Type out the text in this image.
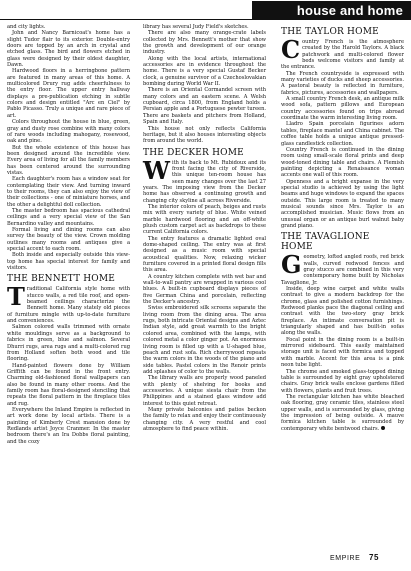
house and home

and city lights.

John and Nancy Barnicoat's home has a slight Tudor flair to its exterior. Double-entry doors are topped by an arch in crystal and etched glass. The bird and flowers etched in glass were designed by their oldest daughter, Dawn.

Hardwood floors in a herringbone pattern are featured in many areas of this home. A multicolored Drury rug adds cheerfulness to the entry floor. The upper entry hallway displays a pre-publication etching in subtle colors and design entitled "Arc en Ciel" by Pablo Picasso. Truly a unique and rare piece of art.

Colors throughout the house in blue, green, gray and dusty rose combine with many colors of rare woods including mahogany, rosewood, oak and pine.

But the whole existence of this house has been designed around the incredible view. Every area of living for all the family members has been centered around the surrounding vistas.

Each daughter's room has a window seat for contemplating their view. And turning inward to their rooms, they can also enjoy the view of their collections - one of miniature horses, and the other a delightful doll collection.

The master bedroom has spacious cathedral ceilings and a very special view of the San Bernardino valley and mountains.

Formal living and dining rooms can also survey the beauty of the view. Crown molding outlines many rooms and antiques give a special accent to each room.

Both inside and especially outside this view-top home has special interest for family and visitors.

THE BENNETT HOME

Traditional California style home with stucco walls, a red tile roof, and open-beamed ceilings characterize the Bennett home. Many stately old pieces of furniture mingle with up-to-date furniture and conveniences.

Salmon colored walls trimmed with ornate white mouldings serve as a background to fabrics in green, blue and salmon. Several Dhurri rugs, area rugs and a multi-colored rug from Holland soften both wood and tile flooring.

Hand-painted flowers done by William Griffith can be found in the front entry. Charming old-fashioned floral wallpapers can also be found in many other rooms. And the family room has floral-designed stenciling that repeats the floral pattern in the fireplace tiles and rug.

Everywhere the Inland Empire is reflected in art work done by local artists. There is a painting of Kimberly Crest mansion done by Redlands artist Joyce Cranmer. In the master bedroom there's an Ira Dobbs floral painting, and the cozy

library has several Judy Field's sketches.

There are also many orange-crate labels collected by Mrs. Bennett's mother that show the growth and development of our orange industry.

Along with the local artists, international accessories are in evidence throughout the home. There is a very special Gustaf Becker clock, a genuine survivor of a Czechoslovakian bombing during World War II.

There is an Oriental Cormandel screen with many colors and an eastern scene. A Welsh cupboard, circa 1800, from England holds a Persian apple and a Portuguese pewter tureen. There are baskets and pitchers from Holland, Spain and Italy.

This house not only reflects California heritage, but it also houses interesting objects from around the world.

THE DECKER HOME

With its back to Mt. Rubidoux and its front facing the city of Riverside, this unique ten-room house has seen many changes over the last 27 years. The imposing view from the Decker home has observed a continuing growth and changing city skyline all across Riverside.

The interior colors of peach, beiges and rusts mix with every variety of blue. White veined marble hardwood flooring and an off-white plush custom carpet act as backdrops to these current California colors.

The entry features a dramatic lighted oval dome-shaped ceiling. The entry was at first designed as a music room with special acoustical qualities. Now, relaxing wicker furniture covered in a printed floral design fills this area.

A country kitchen complete with wet bar and wall-to-wall pantry are wrapped in various cool blues. A built-in cupboard displays pieces of five German China and porcelain, reflecting the Decker's ancestry.

Swiss embroidered silk screens separate the living room from the dining area. The area rugs, both intricate Oriental designs and Aztec Indian style, add great warmth to the bright colored area, combined with the lamps, with colored metal a color ginger pot. An enormous living room is filled up with a U-shaped blue, peach and rust sofa. Rich cherrywood repeats the warm colors in the woods of the piano and side tables. Pastel colors in the Renoir prints add splashes of color to the walls.

The library walls are properly wood paneled with plenty of shelving for books and accessories. A unique siesta chair from the Philippines and a stained glass window add interest to this quiet retreat.

Many private balconies and patios beckon the family to relax and enjoy their continuously changing city. A very restful and cool atmosphere to find peace within.

THE TAYLOR HOME

Country French is the atmosphere created by the Harold Taylors. A black patchwork and multi-colored flower beds welcome visitors and family at the entrance.

The French countryside is expressed with many varieties of ducks and sheep accessories. A pastoral beauty is reflected in furniture, fabrics, pictures, accessories and wallpapers.

A small country French desk, an antique milk wood sofa, pattern pillows and European country accessories found on trips abroad coordinate the warm interesting living room.

Lladro Spain porcelain figurines adorn tables, fireplace mantel and China cabinet. The coffee table holds a unique antique pressed-glass candlestick collection.

Country French is continued in the dining room using small-scale floral prints and deep wood-toned dining table and chairs. A Flemish painting depicting a Renaissance woman accents one wall of this room.

Openness and a bright expanse in the very special studio is achieved by using the light beams and huge windows to expand the spaces outside. This large room is treated to many musical sounds since Mrs. Taylor is an accomplished musician. Music flows from an unusual organ or an antique burl walnut baby grand piano.

THE TAVAGLIONE HOME

Geometry, lofted angled roofs, red brick walls, curved redwood fences and gray stucco are combined in this very contemporary home built by Nicholas Tavaglione, Jr.

Inside, deep wine carpet and white walls contrast to give a modern backdrop for the chrome, glass and polished cotton furnishings. Redwood planks pace the diagonal ceiling and contrast with the two-story gray brick fireplace. An intimate conversation pit is triangularly shaped and has built-in sofas along the walls.

Focal point in the dining room is a built-in mirrored sideboard. This easily maintained storage unit is faced with formica and topped with marble. Accent for this area is a pink neon tube light.

The chrome and smoked glass-topped dining table is surrounded by eight gray upholstered chairs. Gray brick walls enclose gardens filled with flowers, plants and fruit trees.

The rectangular kitchen has white bleached oak flooring, gray ceramic tiles, stainless steel upper walls, and is surrounded by glass, giving the impression of being outside. A mauve formica kitchen table is surrounded by contemporary white bentwood chairs.

EMPIRE 75
